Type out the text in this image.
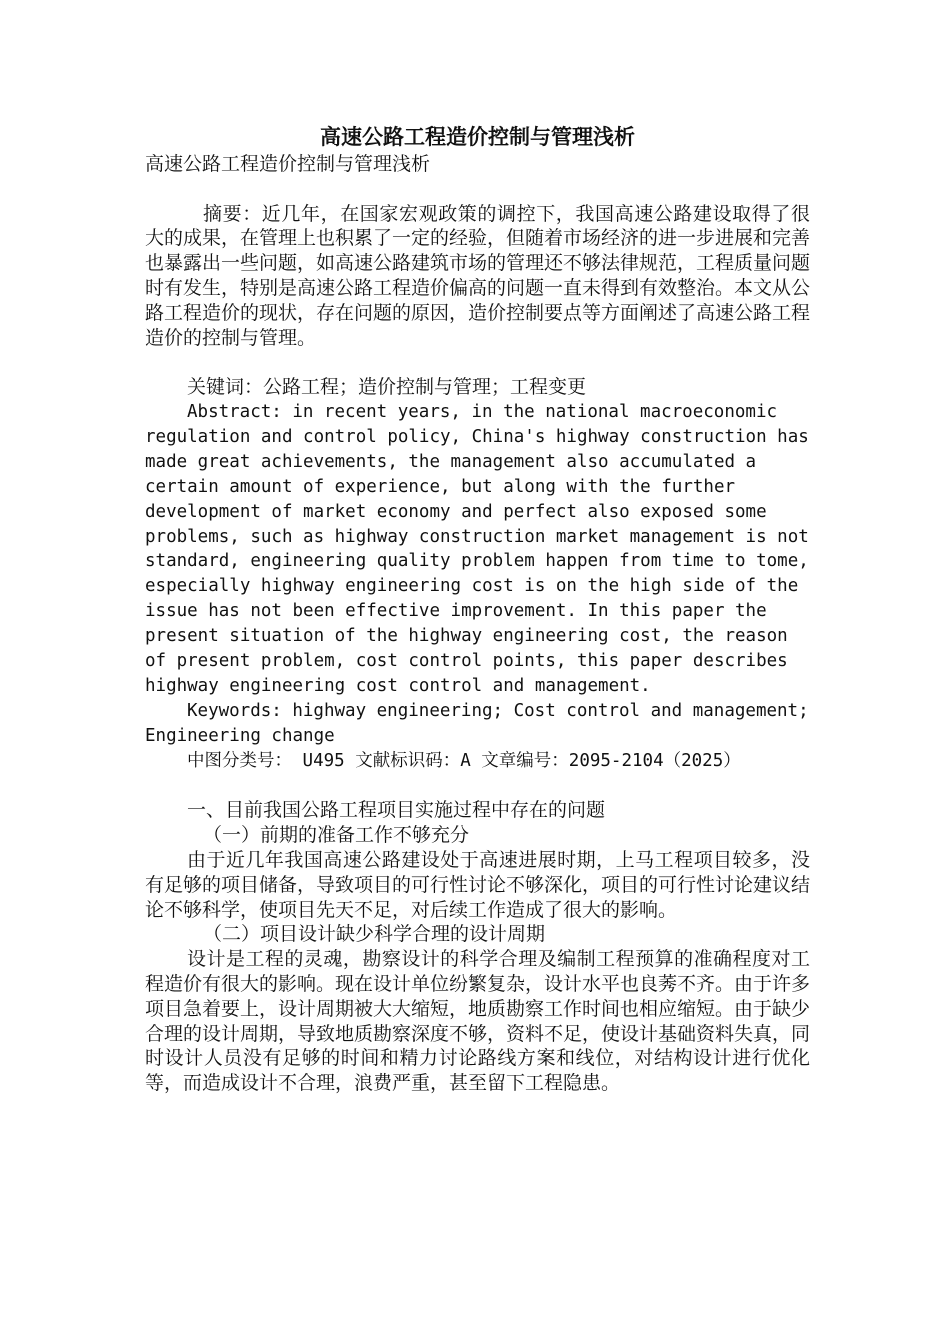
高速公路工程造价控制与管理浅析

高速公路工程造价控制与管理浅析

摘要：近几年，在国家宏观政策的调控下，我国高速公路建设取得了很大的成果，在管理上也积累了一定的经验，但随着市场经济的进一步进展和完善也暴露出一些问题，如高速公路建筑市场的管理还不够法律规范，工程质量问题时有发生，特别是高速公路工程造价偏高的问题一直未得到有效整治。本文从公路工程造价的现状，存在问题的原因，造价控制要点等方面阐述了高速公路工程造价的控制与管理。

关键词：公路工程；造价控制与管理；工程变更

Abstract: in recent years, in the national macroeconomic regulation and control policy, China's highway construction has made great achievements, the management also accumulated a certain amount of experience, but along with the further development of market economy and perfect also exposed some problems, such as highway construction market management is not standard, engineering quality problem happen from time to tome, especially highway engineering cost is on the high side of the issue has not been effective improvement. In this paper the present situation of the highway engineering cost, the reason of present problem, cost control points, this paper describes highway engineering cost control and management.

Keywords: highway engineering; Cost control and management; Engineering change

中图分类号： U495 文献标识码：A 文章编号：2095-2104（2025）

一、目前我国公路工程项目实施过程中存在的问题

（一）前期的准备工作不够充分

由于近几年我国高速公路建设处于高速进展时期，上马工程项目较多，没有足够的项目储备，导致项目的可行性讨论不够深化，项目的可行性讨论建议结论不够科学，使项目先天不足，对后续工作造成了很大的影响。

（二）项目设计缺少科学合理的设计周期

设计是工程的灵魂，勘察设计的科学合理及编制工程预算的准确程度对工程造价有很大的影响。现在设计单位纷繁复杂，设计水平也良莠不齐。由于许多项目急着要上，设计周期被大大缩短，地质勘察工作时间也相应缩短。由于缺少合理的设计周期，导致地质勘察深度不够，资料不足，使设计基础资料失真，同时设计人员没有足够的时间和精力讨论路线方案和线位，对结构设计进行优化等，而造成设计不合理，浪费严重，甚至留下工程隐患。
